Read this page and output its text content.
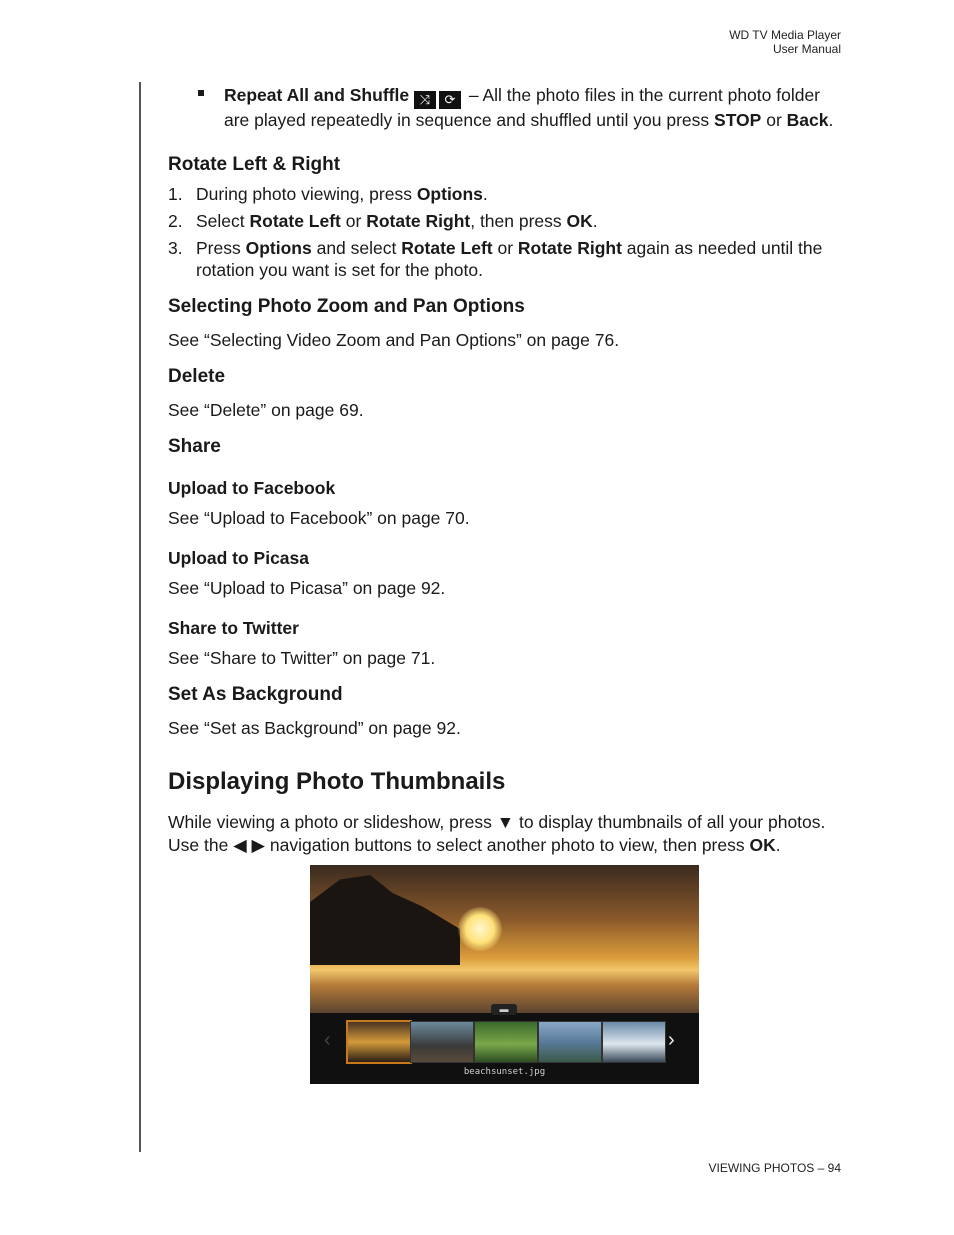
WD TV Media Player
User Manual
Repeat All and Shuffle ⤨ ⟳ – All the photo files in the current photo folder are played repeatedly in sequence and shuffled until you press STOP or Back.
Rotate Left & Right
1. During photo viewing, press Options.
2. Select Rotate Left or Rotate Right, then press OK.
3. Press Options and select Rotate Left or Rotate Right again as needed until the rotation you want is set for the photo.
Selecting Photo Zoom and Pan Options

See “Selecting Video Zoom and Pan Options” on page 76.

Delete

See “Delete” on page 69.

Share
Upload to Facebook

See “Upload to Facebook” on page 70.

Upload to Picasa

See “Upload to Picasa” on page 92.

Share to Twitter

See “Share to Twitter” on page 71.

Set As Background

See “Set as Background” on page 92.

Displaying Photo Thumbnails

While viewing a photo or slideshow, press ▼ to display thumbnails of all your photos. Use the ◀ ▶ navigation buttons to select another photo to view, then press OK.

▬
‹	›
beachsunset.jpg
VIEWING PHOTOS – 94
